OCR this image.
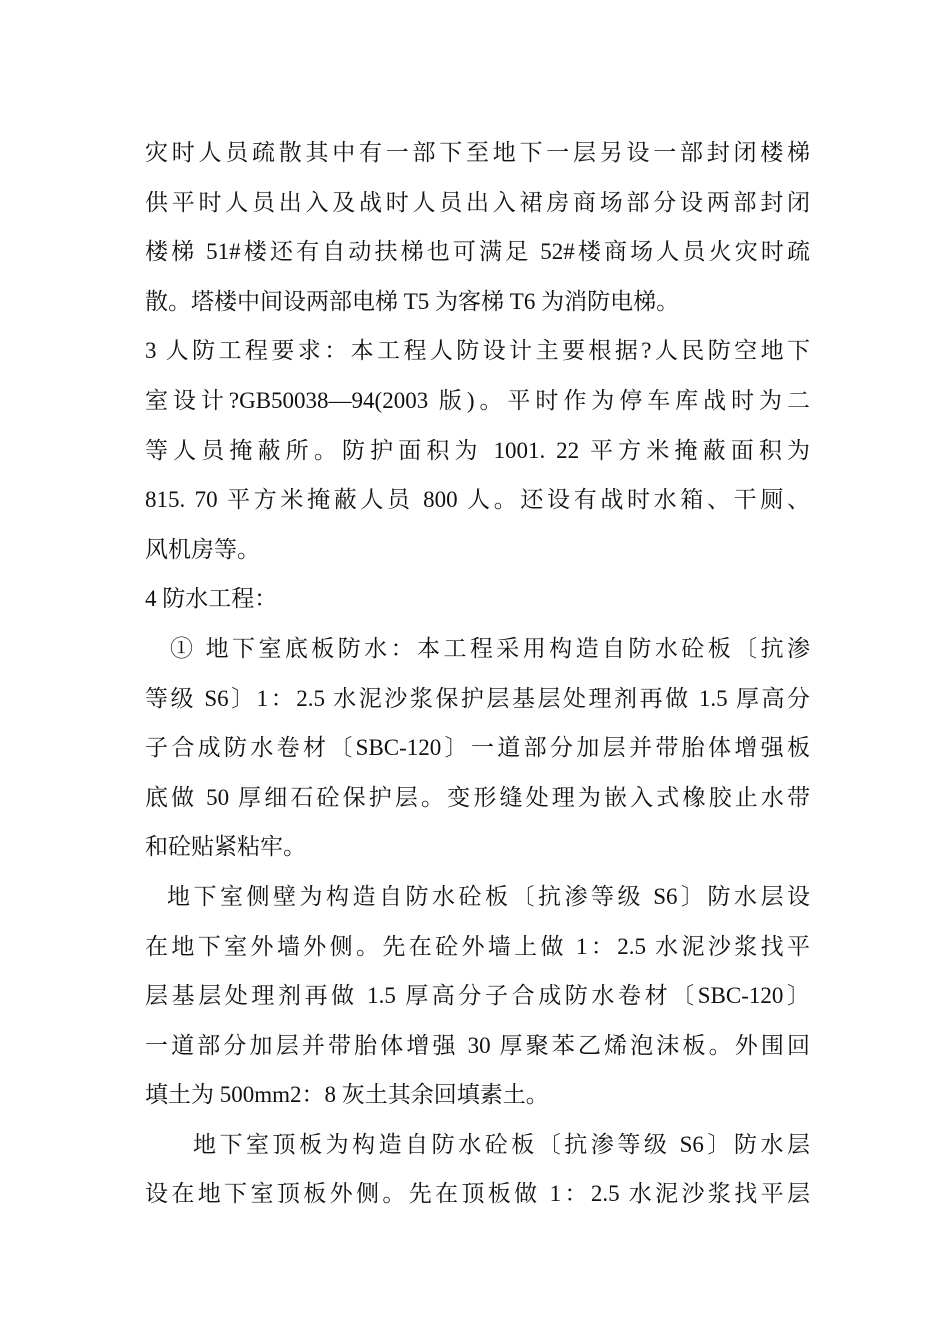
灾时人员疏散其中有一部下至地下一层另设一部封闭楼梯
供平时人员出入及战时人员出入裙房商场部分设两部封闭
楼梯 51#楼还有自动扶梯也可满足 52#楼商场人员火灾时疏
散。塔楼中间设两部电梯 T5 为客梯 T6 为消防电梯。
3 人防工程要求：本工程人防设计主要根据?人民防空地下
室设计?GB50038—94(2003 版)。平时作为停车库战时为二
等人员掩蔽所。防护面积为 1001. 22 平方米掩蔽面积为
815. 70 平方米掩蔽人员 800 人。还设有战时水箱、干厕、
风机房等。
4 防水工程：
① 地下室底板防水：本工程采用构造自防水砼板〔抗渗
等级 S6〕1：2.5 水泥沙浆保护层基层处理剂再做 1.5 厚高分
子合成防水卷材〔SBC-120〕一道部分加层并带胎体增强板
底做 50 厚细石砼保护层。变形缝处理为嵌入式橡胶止水带
和砼贴紧粘牢。
地下室侧壁为构造自防水砼板〔抗渗等级 S6〕防水层设
在地下室外墙外侧。先在砼外墙上做 1：2.5 水泥沙浆找平
层基层处理剂再做 1.5 厚高分子合成防水卷材〔SBC-120〕
一道部分加层并带胎体增强 30 厚聚苯乙烯泡沫板。外围回
填土为 500mm2：8 灰土其余回填素土。
地下室顶板为构造自防水砼板〔抗渗等级 S6〕防水层
设在地下室顶板外侧。先在顶板做 1：2.5 水泥沙浆找平层
